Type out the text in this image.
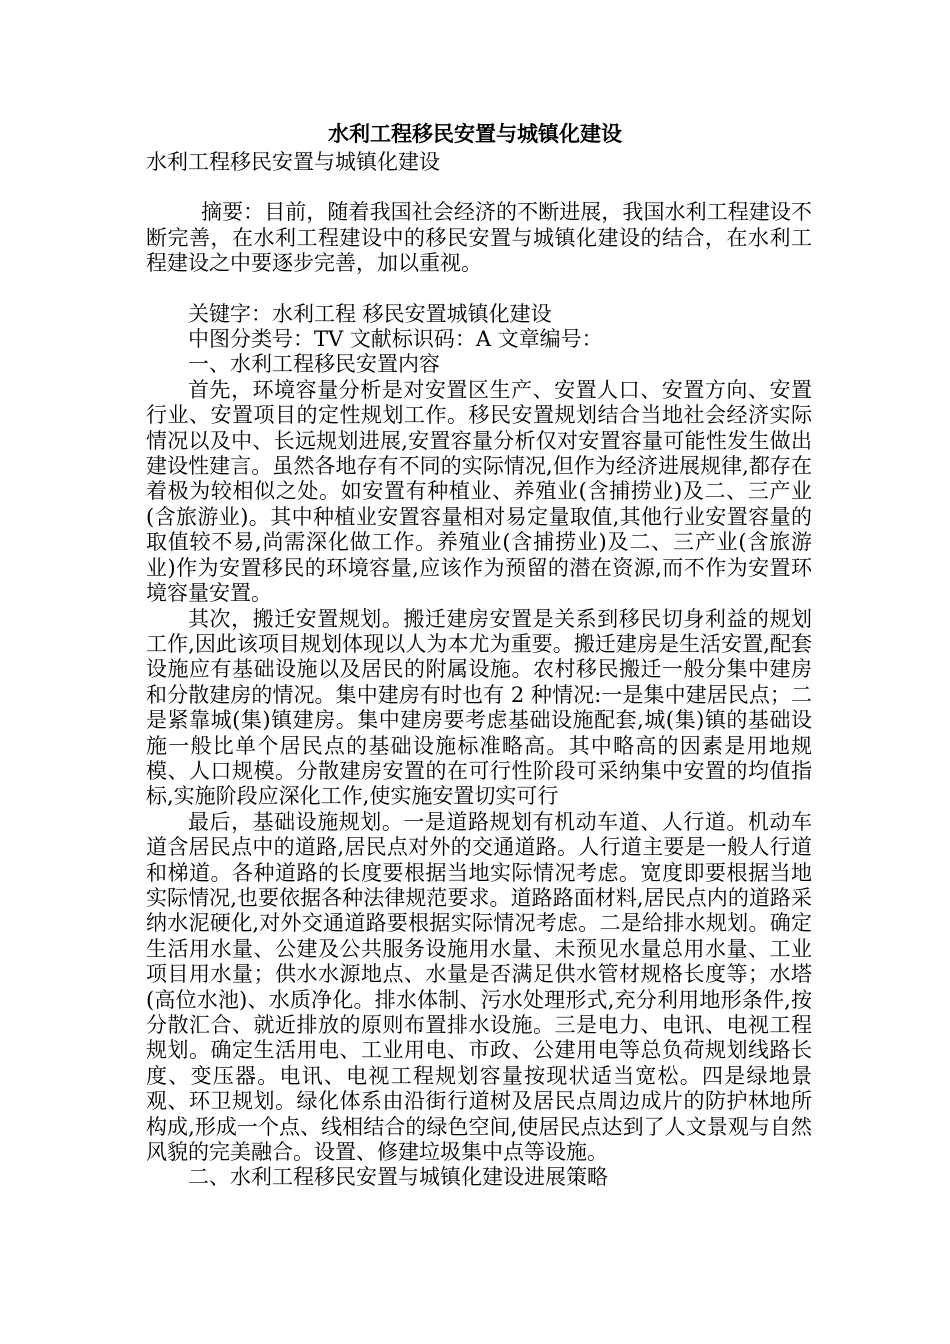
水利工程移民安置与城镇化建设

水利工程移民安置与城镇化建设

摘要：目前，随着我国社会经济的不断进展，我国水利工程建设不断完善，在水利工程建设中的移民安置与城镇化建设的结合，在水利工程建设之中要逐步完善，加以重视。

关键字：水利工程 移民安置城镇化建设

中图分类号：TV 文献标识码：A 文章编号：

一、水利工程移民安置内容

首先，环境容量分析是对安置区生产、安置人口、安置方向、安置行业、安置项目的定性规划工作。移民安置规划结合当地社会经济实际情况以及中、长远规划进展,安置容量分析仅对安置容量可能性发生做出建设性建言。虽然各地存有不同的实际情况,但作为经济进展规律,都存在着极为较相似之处。如安置有种植业、养殖业(含捕捞业)及二、三产业(含旅游业)。其中种植业安置容量相对易定量取值,其他行业安置容量的取值较不易,尚需深化做工作。养殖业(含捕捞业)及二、三产业(含旅游业)作为安置移民的环境容量,应该作为预留的潜在资源,而不作为安置环境容量安置。

其次，搬迁安置规划。搬迁建房安置是关系到移民切身利益的规划工作,因此该项目规划体现以人为本尤为重要。搬迁建房是生活安置,配套设施应有基础设施以及居民的附属设施。农村移民搬迁一般分集中建房和分散建房的情况。集中建房有时也有 2 种情况:一是集中建居民点；二是紧靠城(集)镇建房。集中建房要考虑基础设施配套,城(集)镇的基础设施一般比单个居民点的基础设施标准略高。其中略高的因素是用地规模、人口规模。分散建房安置的在可行性阶段可采纳集中安置的均值指标,实施阶段应深化工作,使实施安置切实可行

最后，基础设施规划。一是道路规划有机动车道、人行道。机动车道含居民点中的道路,居民点对外的交通道路。人行道主要是一般人行道和梯道。各种道路的长度要根据当地实际情况考虑。宽度即要根据当地实际情况,也要依据各种法律规范要求。道路路面材料,居民点内的道路采纳水泥硬化,对外交通道路要根据实际情况考虑。二是给排水规划。确定生活用水量、公建及公共服务设施用水量、未预见水量总用水量、工业项目用水量；供水水源地点、水量是否满足供水管材规格长度等；水塔(高位水池)、水质净化。排水体制、污水处理形式,充分利用地形条件,按分散汇合、就近排放的原则布置排水设施。三是电力、电讯、电视工程规划。确定生活用电、工业用电、市政、公建用电等总负荷规划线路长度、变压器。电讯、电视工程规划容量按现状适当宽松。四是绿地景观、环卫规划。绿化体系由沿街行道树及居民点周边成片的防护林地所构成,形成一个点、线相结合的绿色空间,使居民点达到了人文景观与自然风貌的完美融合。设置、修建垃圾集中点等设施。

二、水利工程移民安置与城镇化建设进展策略
